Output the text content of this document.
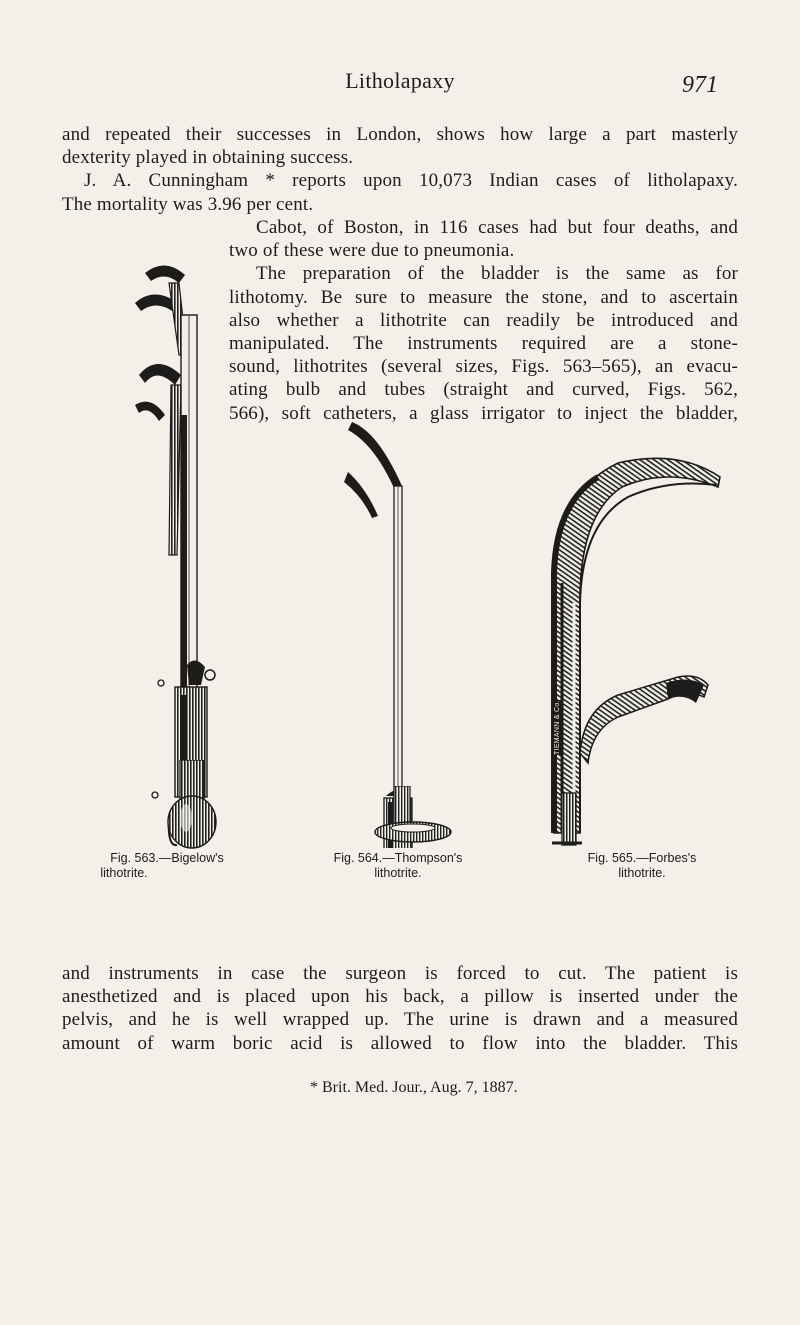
Litholapaxy	971
and repeated their successes in London, shows how large a part masterly
dexterity played in obtaining success.
J. A. Cunningham * reports upon 10,073 Indian cases of litholapaxy.
The mortality was 3.96 per cent.
Cabot, of Boston, in 116 cases had but four deaths, and
two of these were due to pneumonia.
The preparation of the bladder is the same as for
lithotomy. Be sure to measure the stone, and to ascertain
also whether a lithotrite can readily be introduced and
manipulated. The instruments required are a stone-
sound, lithotrites (several sizes, Figs. 563–565), an evacu-
ating bulb and tubes (straight and curved, Figs. 562,
566), soft catheters, a glass irrigator to inject the bladder,
TIEMANN & Co.
Fig. 563.—Bigelow's
lithotrite.
Fig. 564.—Thompson's
lithotrite.
Fig. 565.—Forbes's
lithotrite.
and instruments in case the surgeon is forced to cut. The patient is
anesthetized and is placed upon his back, a pillow is inserted under the
pelvis, and he is well wrapped up. The urine is drawn and a measured
amount of warm boric acid is allowed to flow into the bladder. This
* Brit. Med. Jour., Aug. 7, 1887.
